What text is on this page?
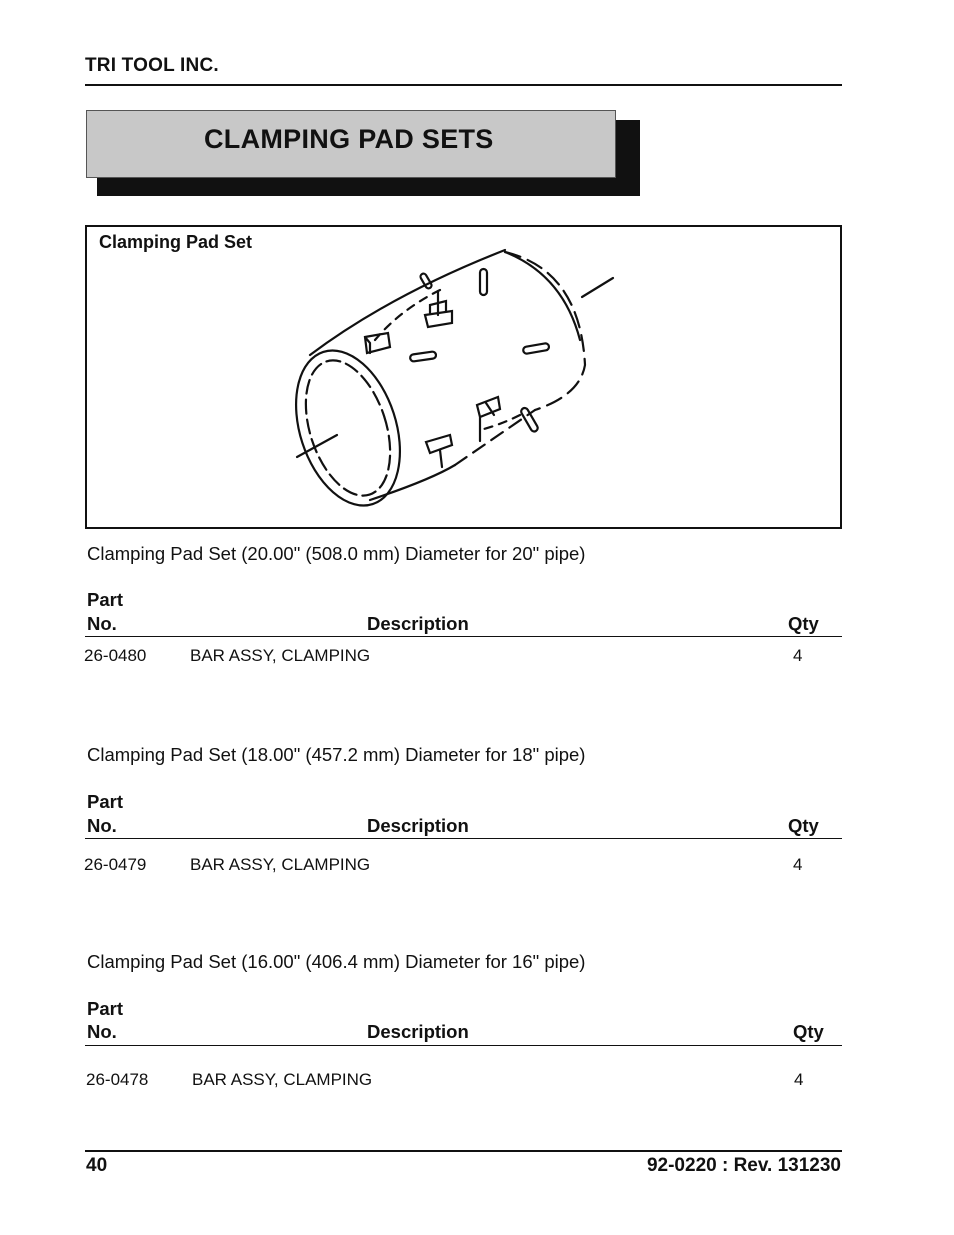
TRI TOOL INC.
CLAMPING PAD SETS
Clamping Pad Set
Clamping Pad Set (20.00" (508.0 mm) Diameter for 20" pipe)
Part
No.	Description	Qty
26-0480	BAR ASSY, CLAMPING	4
Clamping Pad Set (18.00" (457.2 mm) Diameter for 18" pipe)
Part
No.	Description	Qty
26-0479	BAR ASSY, CLAMPING	4
Clamping Pad Set (16.00" (406.4 mm) Diameter for 16" pipe)
Part
No.	Description	Qty
26-0478	BAR ASSY, CLAMPING	4
40	92-0220 : Rev. 131230
